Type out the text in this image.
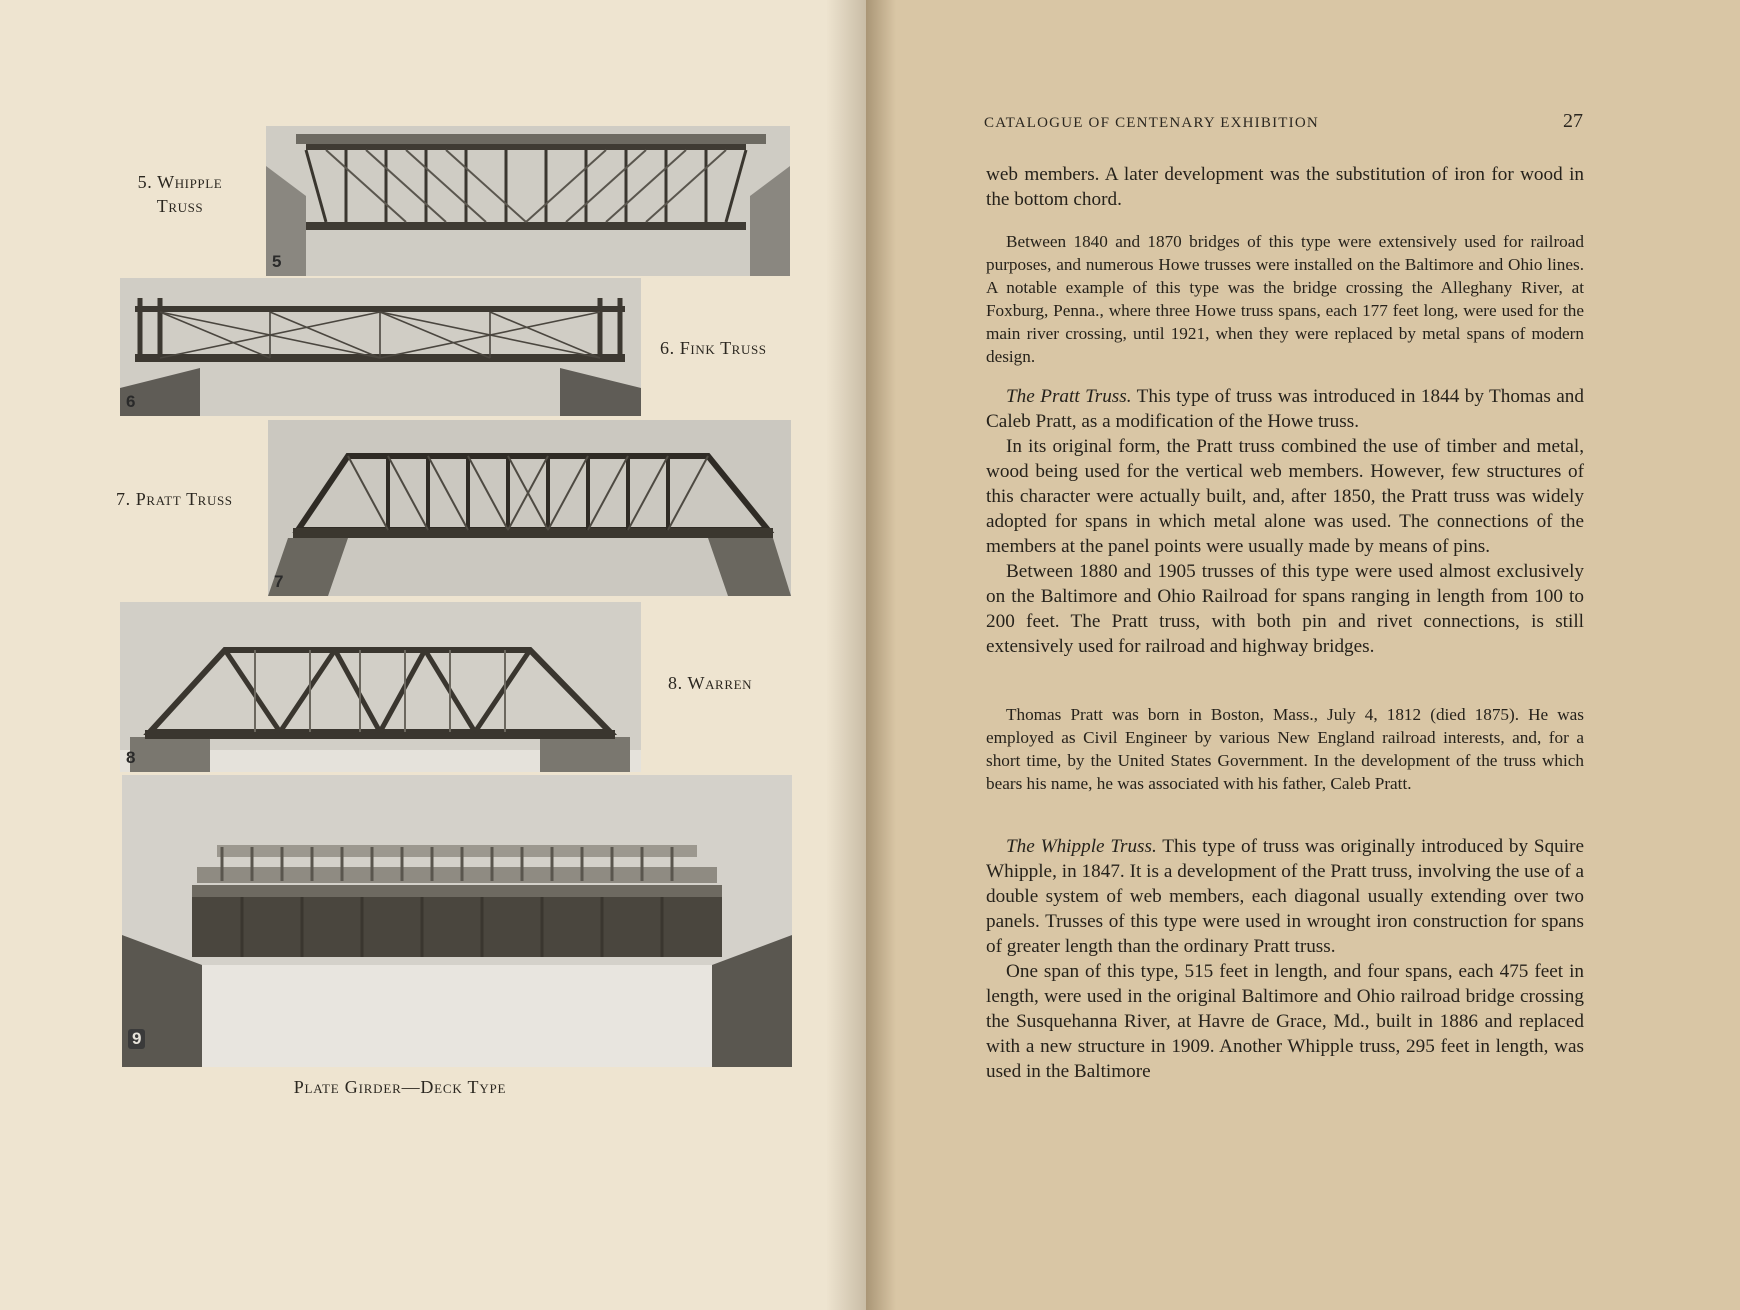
5
5. Whipple
Truss
6
6. Fink Truss
7
7. Pratt Truss
8
8. Warren
9
Plate Girder—Deck Type
CATALOGUE OF CENTENARY EXHIBITION	27

web members. A later development was the substitution of iron for wood in the bottom chord.

Between 1840 and 1870 bridges of this type were extensively used for railroad purposes, and numerous Howe trusses were installed on the Baltimore and Ohio lines. A notable example of this type was the bridge crossing the Alleghany River, at Foxburg, Penna., where three Howe truss spans, each 177 feet long, were used for the main river crossing, until 1921, when they were replaced by metal spans of modern design.

The Pratt Truss. This type of truss was introduced in 1844 by Thomas and Caleb Pratt, as a modification of the Howe truss.

In its original form, the Pratt truss combined the use of timber and metal, wood being used for the vertical web members. However, few structures of this character were actually built, and, after 1850, the Pratt truss was widely adopted for spans in which metal alone was used. The connections of the members at the panel points were usually made by means of pins.

Between 1880 and 1905 trusses of this type were used almost exclusively on the Baltimore and Ohio Railroad for spans ranging in length from 100 to 200 feet. The Pratt truss, with both pin and rivet connections, is still extensively used for railroad and highway bridges.

Thomas Pratt was born in Boston, Mass., July 4, 1812 (died 1875). He was employed as Civil Engineer by various New England railroad interests, and, for a short time, by the United States Government. In the development of the truss which bears his name, he was associated with his father, Caleb Pratt.

The Whipple Truss. This type of truss was originally introduced by Squire Whipple, in 1847. It is a development of the Pratt truss, involving the use of a double system of web members, each diagonal usually extending over two panels. Trusses of this type were used in wrought iron construction for spans of greater length than the ordinary Pratt truss.

One span of this type, 515 feet in length, and four spans, each 475 feet in length, were used in the original Baltimore and Ohio railroad bridge crossing the Susquehanna River, at Havre de Grace, Md., built in 1886 and replaced with a new structure in 1909. Another Whipple truss, 295 feet in length, was used in the Baltimore
